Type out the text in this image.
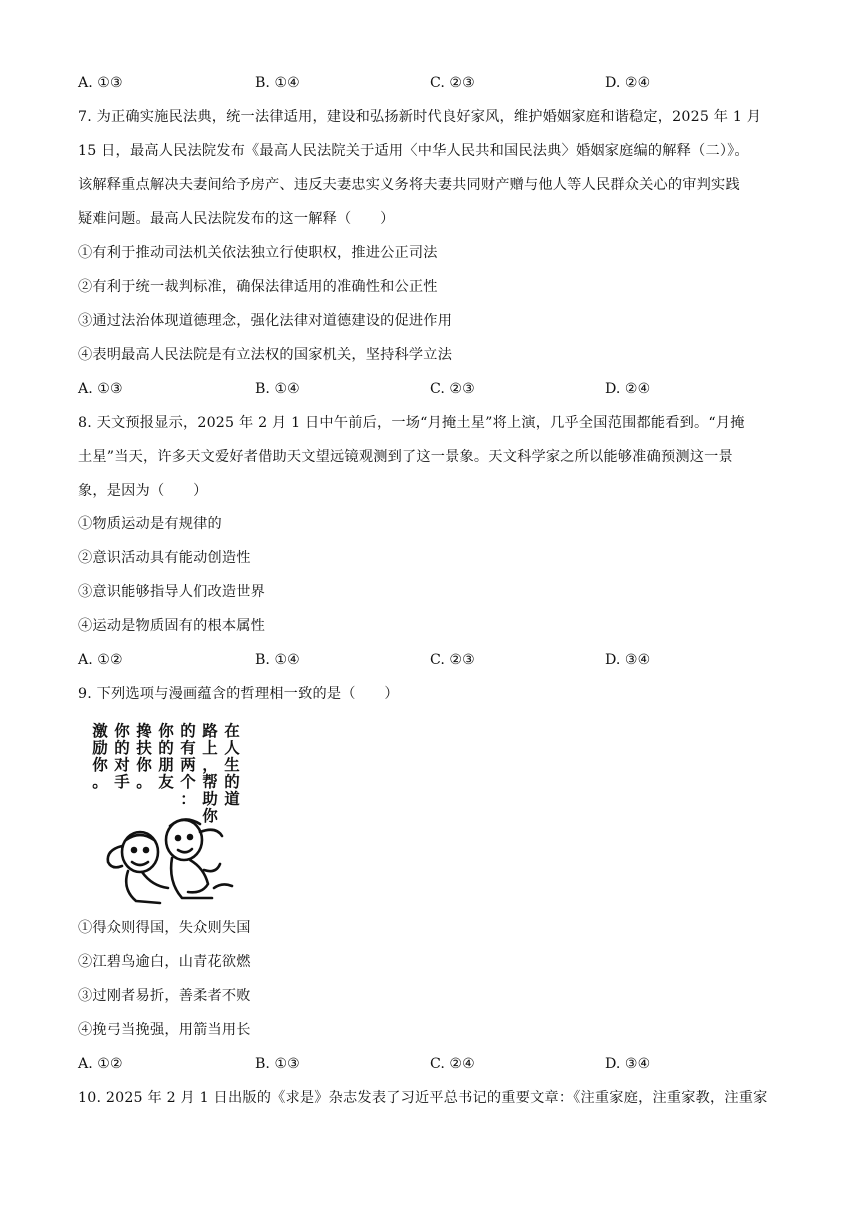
A. ①③	B. ①④	C. ②③	D. ②④
7. 为正确实施民法典，统一法律适用，建设和弘扬新时代良好家风，维护婚姻家庭和谐稳定，2025 年 1 月
15 日，最高人民法院发布《最高人民法院关于适用〈中华人民共和国民法典〉婚姻家庭编的解释（二）》。
该解释重点解决夫妻间给予房产、违反夫妻忠实义务将夫妻共同财产赠与他人等人民群众关心的审判实践
疑难问题。最高人民法院发布的这一解释（　　）
①有利于推动司法机关依法独立行使职权，推进公正司法
②有利于统一裁判标准，确保法律适用的准确性和公正性
③通过法治体现道德理念，强化法律对道德建设的促进作用
④表明最高人民法院是有立法权的国家机关，坚持科学立法
A. ①③	B. ①④	C. ②③	D. ②④
8. 天文预报显示，2025 年 2 月 1 日中午前后，一场“月掩土星”将上演，几乎全国范围都能看到。“月掩
土星”当天，许多天文爱好者借助天文望远镜观测到了这一景象。天文科学家之所以能够准确预测这一景
象，是因为（　　）
①物质运动是有规律的
②意识活动具有能动创造性
③意识能够指导人们改造世界
④运动是物质固有的根本属性
A. ①②	B. ①④	C. ②③	D. ③④
9. 下列选项与漫画蕴含的哲理相一致的是（　　）
在人生的道
路上，帮助你
的有两个：
你的朋友
搀扶你。
你的对手
激励你。
①得众则得国，失众则失国
②江碧鸟逾白，山青花欲燃
③过刚者易折，善柔者不败
④挽弓当挽强，用箭当用长
A. ①②	B. ①③	C. ②④	D. ③④
10. 2025 年 2 月 1 日出版的《求是》杂志发表了习近平总书记的重要文章：《注重家庭，注重家教，注重家
